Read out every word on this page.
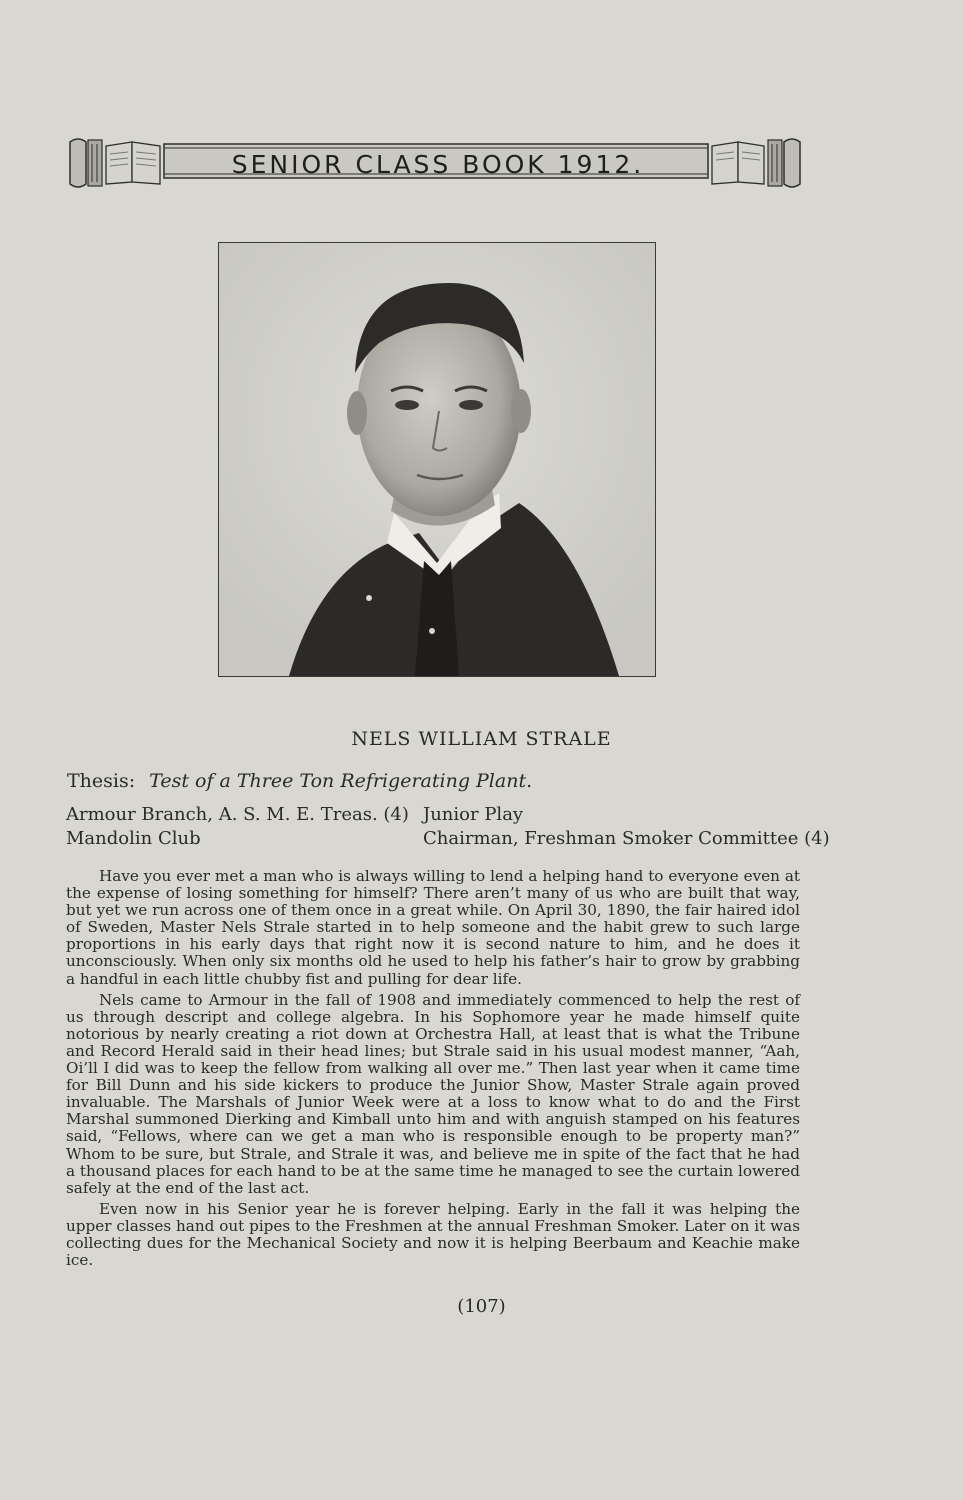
SENIOR CLASS BOOK 1912.
NELS WILLIAM STRALE
Thesis: Test of a Three Ton Refrigerating Plant.
Armour Branch, A. S. M. E. Treas. (4) Junior Play
Mandolin Club	Chairman, Freshman Smoker Committee (4)

Have you ever met a man who is always willing to lend a helping hand to everyone even at the expense of losing something for himself? There aren’t many of us who are built that way, but yet we run across one of them once in a great while. On April 30, 1890, the fair haired idol of Sweden, Master Nels Strale started in to help someone and the habit grew to such large proportions in his early days that right now it is second nature to him, and he does it unconsciously. When only six months old he used to help his father’s hair to grow by grabbing a handful in each little chubby fist and pulling for dear life.

Nels came to Armour in the fall of 1908 and immediately commenced to help the rest of us through descript and college algebra. In his Sophomore year he made himself quite notorious by nearly creating a riot down at Orchestra Hall, at least that is what the Tribune and Record Herald said in their head lines; but Strale said in his usual modest manner, “Aah, Oi’ll I did was to keep the fellow from walking all over me.” Then last year when it came time for Bill Dunn and his side kickers to produce the Junior Show, Master Strale again proved invaluable. The Marshals of Junior Week were at a loss to know what to do and the First Marshal summoned Dierking and Kimball unto him and with anguish stamped on his features said, “Fellows, where can we get a man who is responsible enough to be property man?” Whom to be sure, but Strale, and Strale it was, and believe me in spite of the fact that he had a thousand places for each hand to be at the same time he managed to see the curtain lowered safely at the end of the last act.

Even now in his Senior year he is forever helping. Early in the fall it was helping the upper classes hand out pipes to the Freshmen at the annual Freshman Smoker. Later on it was collecting dues for the Mechanical Society and now it is helping Beerbaum and Keachie make ice.

(107)
